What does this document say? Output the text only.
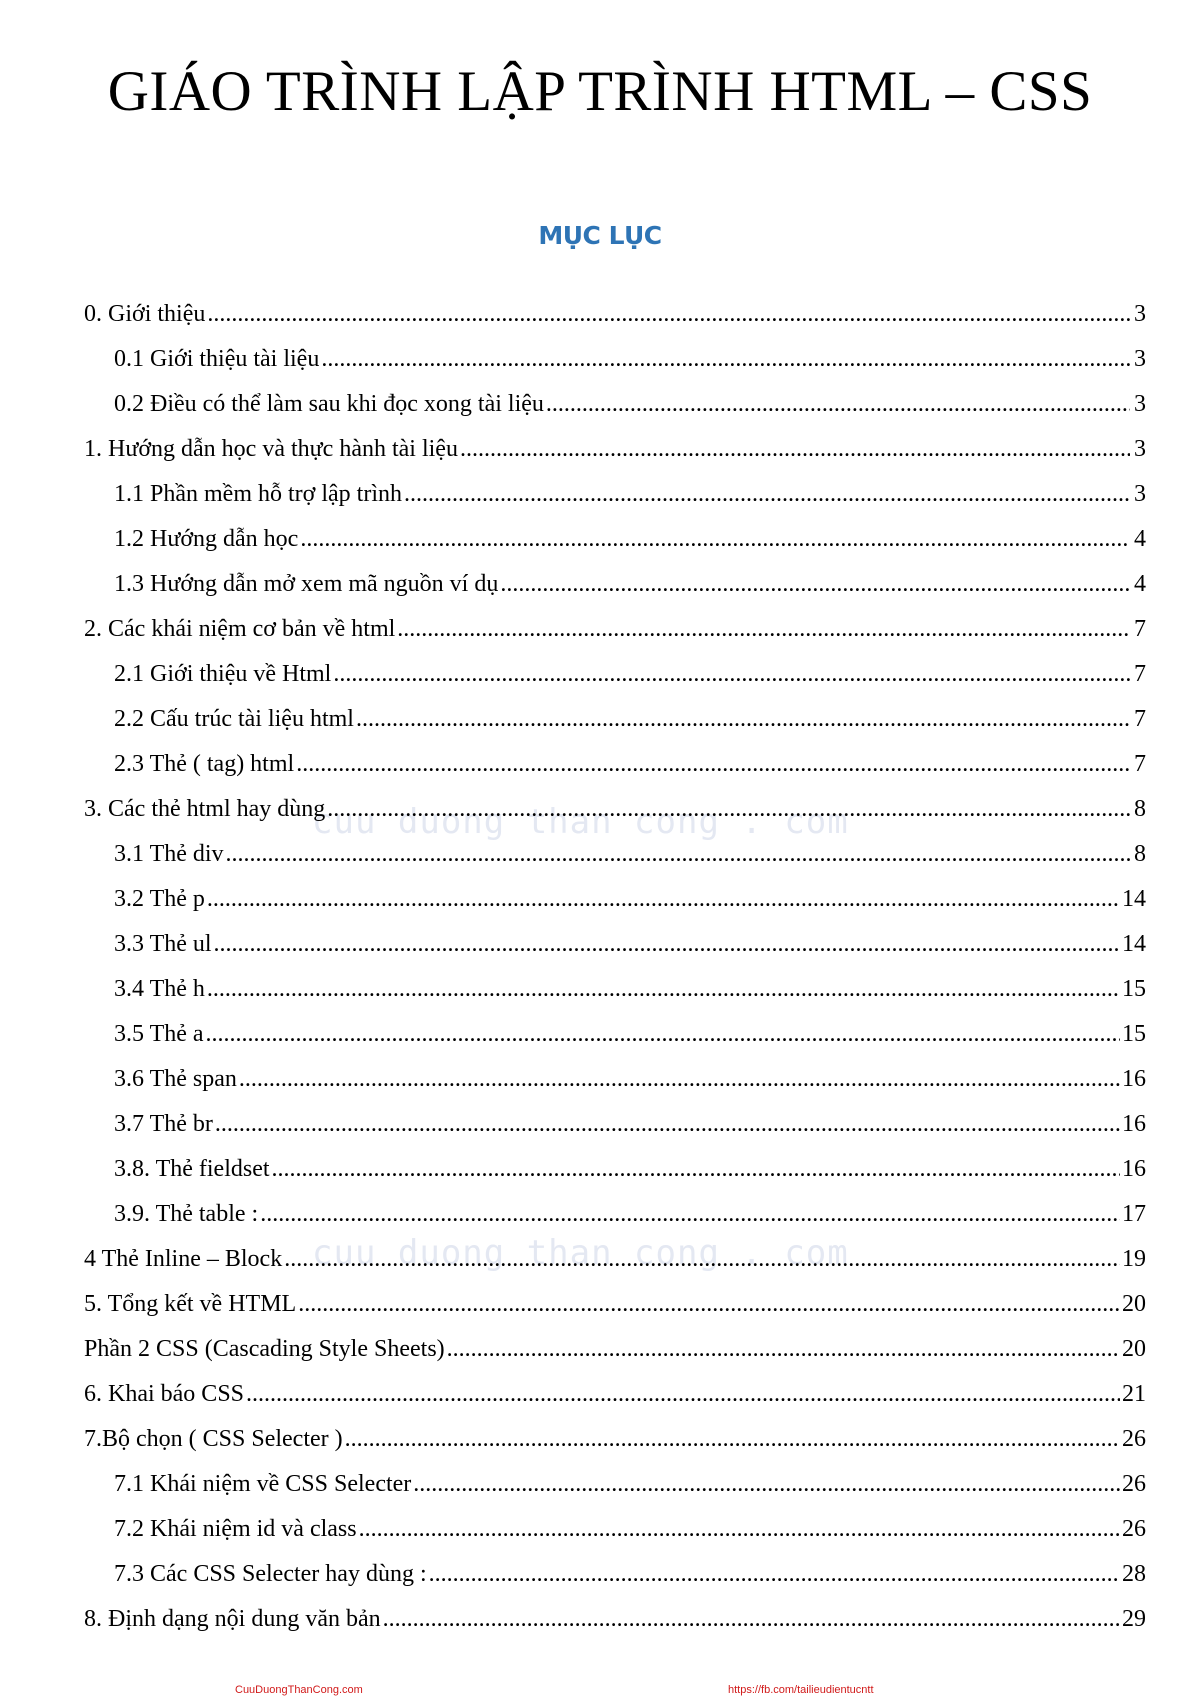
GIÁO TRÌNH LẬP TRÌNH HTML – CSS
MỤC LỤC
cuu duong than cong . com
cuu duong than cong . com
0. Giới thiệu .....	3
0.1 Giới thiệu tài liệu .....	3
0.2 Điều có thể làm sau khi đọc xong tài liệu .....	3
1. Hướng dẫn học và thực hành tài liệu .....	3
1.1 Phần mềm hỗ trợ lập trình .....	3
1.2 Hướng dẫn học .....	4
1.3 Hướng dẫn mở xem mã nguồn ví dụ .....	4
2. Các khái niệm cơ bản về html .....	7
2.1 Giới thiệu về Html .....	7
2.2 Cấu trúc tài liệu html .....	7
2.3 Thẻ ( tag) html .....	7
3. Các thẻ html hay dùng .....	8
3.1 Thẻ div .....	8
3.2 Thẻ p .....	14
3.3 Thẻ ul .....	14
3.4 Thẻ h .....	15
3.5 Thẻ a .....	15
3.6 Thẻ span .....	16
3.7 Thẻ br .....	16
3.8. Thẻ fieldset .....	16
3.9. Thẻ table : .....	17
4 Thẻ Inline – Block .....	19
5. Tổng kết về HTML .....	20
Phần 2 CSS (Cascading Style Sheets) .....	20
6. Khai báo CSS .....	21
7.Bộ chọn ( CSS Selecter ) .....	26
7.1 Khái niệm về CSS Selecter .....	26
7.2 Khái niệm id và class .....	26
7.3 Các CSS Selecter hay dùng : .....	28
8. Định dạng nội dung văn bản .....	29
CuuDuongThanCong.com	https://fb.com/tailieudientucntt
